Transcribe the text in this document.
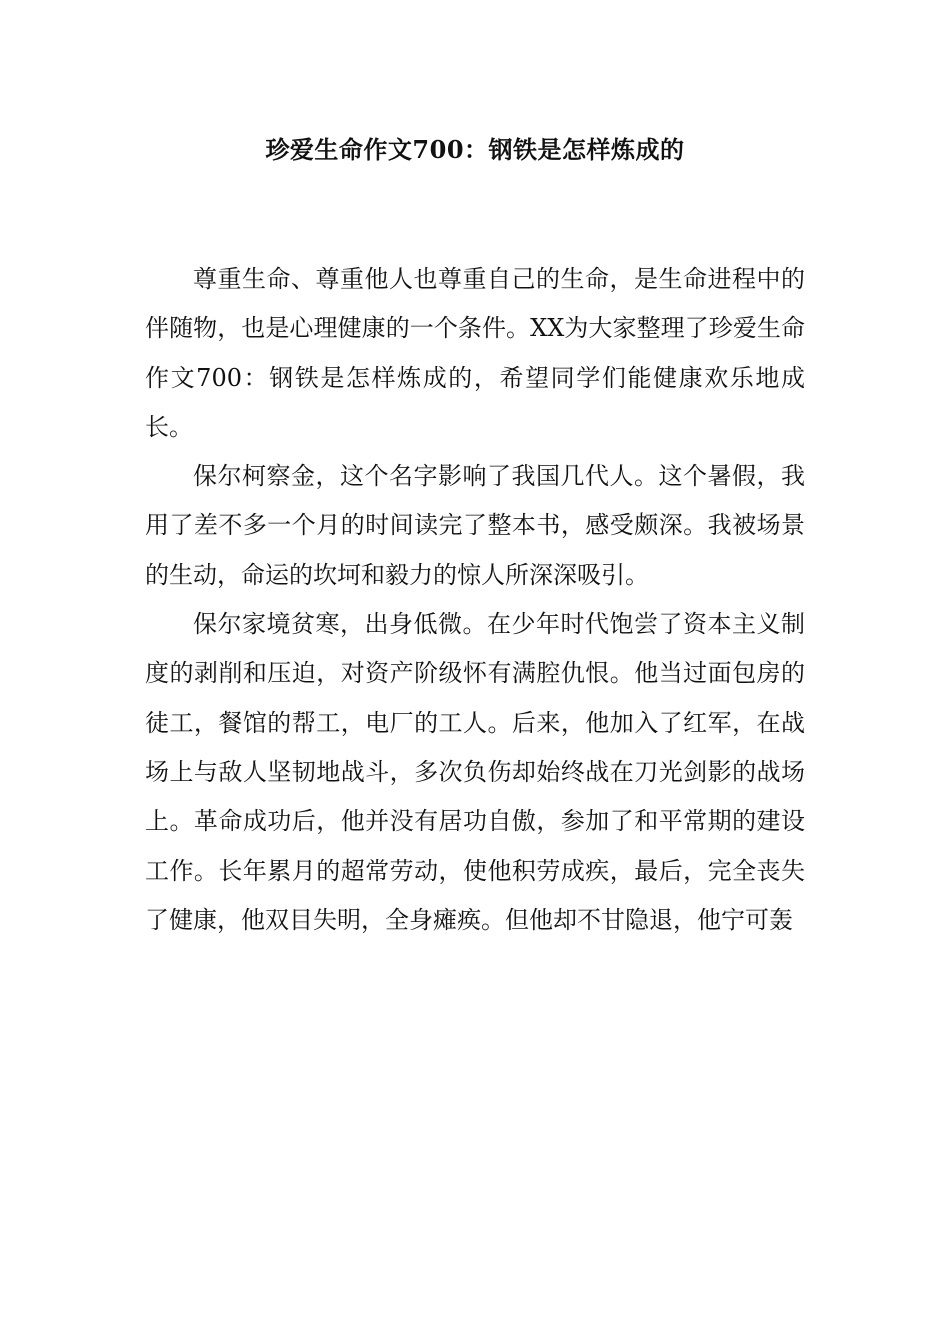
珍爱生命作文700：钢铁是怎样炼成的

尊重生命、尊重他人也尊重自己的生命，是生命进程中的伴随物，也是心理健康的一个条件。XX为大家整理了珍爱生命作文700：钢铁是怎样炼成的，希望同学们能健康欢乐地成长。

保尔柯察金，这个名字影响了我国几代人。这个暑假，我用了差不多一个月的时间读完了整本书，感受颇深。我被场景的生动，命运的坎坷和毅力的惊人所深深吸引。

保尔家境贫寒，出身低微。在少年时代饱尝了资本主义制度的剥削和压迫，对资产阶级怀有满腔仇恨。他当过面包房的徒工，餐馆的帮工，电厂的工人。后来，他加入了红军，在战场上与敌人坚韧地战斗，多次负伤却始终战在刀光剑影的战场上。革命成功后，他并没有居功自傲，参加了和平常期的建设工作。长年累月的超常劳动，使他积劳成疾，最后，完全丧失了健康，他双目失明，全身瘫痪。但他却不甘隐退，他宁可轰
